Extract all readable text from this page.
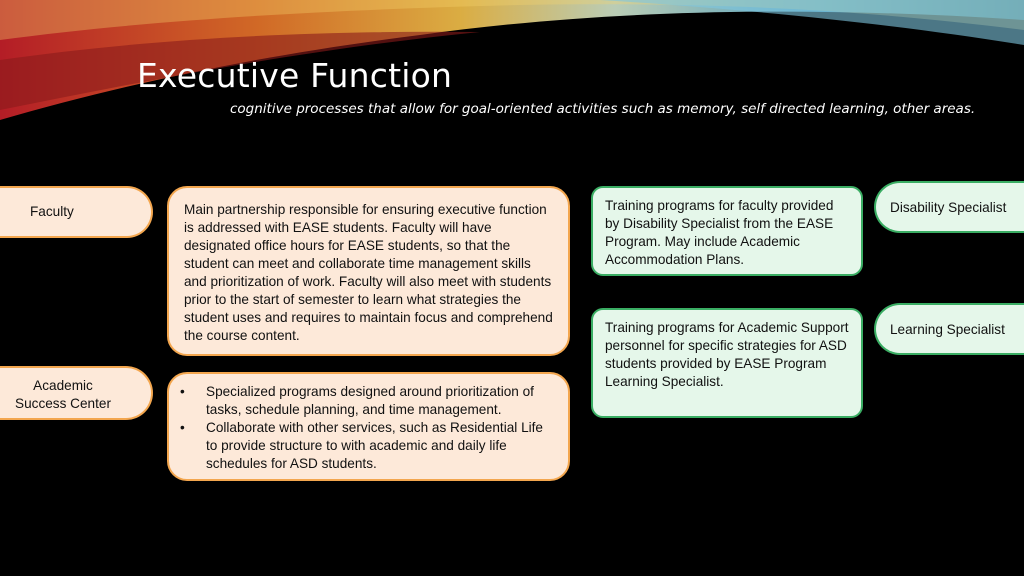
Executive Function

cognitive processes that allow for goal-oriented activities such as memory, self directed learning, other areas.

Faculty
Academic
Success Center
Main partnership responsible for ensuring executive function is addressed with EASE students. Faculty will have designated office hours for EASE students, so that the student can meet and collaborate time management skills and prioritization of work. Faculty will also meet with students prior to the start of semester to learn what strategies the student uses and requires to maintain focus and comprehend the course content.
• Specialized programs designed around prioritization of tasks, schedule planning, and time management.
• Collaborate with other services, such as Residential Life to provide structure to with academic and daily life schedules for ASD students.
Training programs for faculty provided by Disability Specialist from the EASE Program. May include Academic Accommodation Plans.
Training programs for Academic Support personnel for specific strategies for ASD students provided by EASE Program Learning Specialist.
Disability Specialist
Learning Specialist
